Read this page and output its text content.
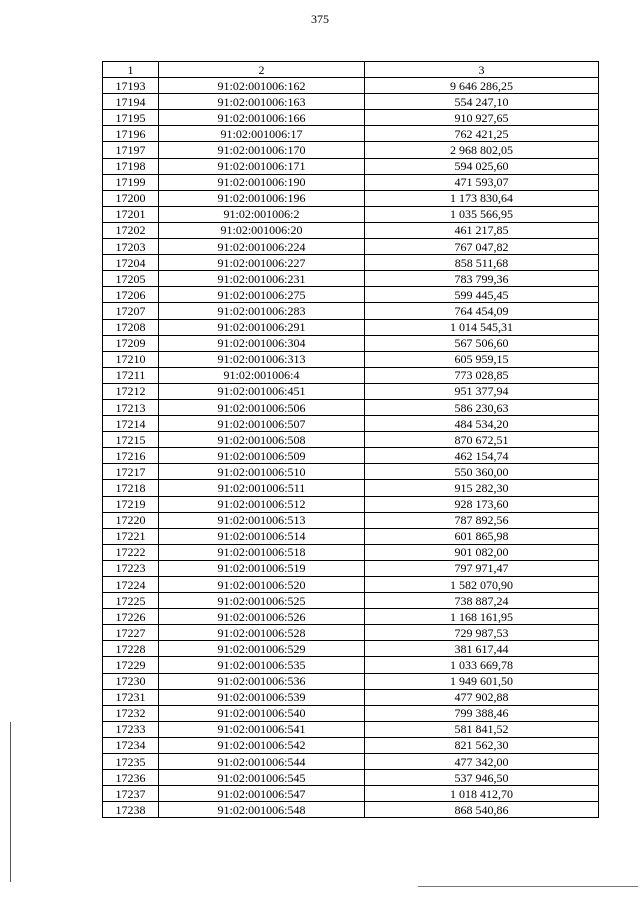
375
1	2	3
17193	91:02:001006:162	9 646 286,25
17194	91:02:001006:163	554 247,10
17195	91:02:001006:166	910 927,65
17196	91:02:001006:17	762 421,25
17197	91:02:001006:170	2 968 802,05
17198	91:02:001006:171	594 025,60
17199	91:02:001006:190	471 593,07
17200	91:02:001006:196	1 173 830,64
17201	91:02:001006:2	1 035 566,95
17202	91:02:001006:20	461 217,85
17203	91:02:001006:224	767 047,82
17204	91:02:001006:227	858 511,68
17205	91:02:001006:231	783 799,36
17206	91:02:001006:275	599 445,45
17207	91:02:001006:283	764 454,09
17208	91:02:001006:291	1 014 545,31
17209	91:02:001006:304	567 506,60
17210	91:02:001006:313	605 959,15
17211	91:02:001006:4	773 028,85
17212	91:02:001006:451	951 377,94
17213	91:02:001006:506	586 230,63
17214	91:02:001006:507	484 534,20
17215	91:02:001006:508	870 672,51
17216	91:02:001006:509	462 154,74
17217	91:02:001006:510	550 360,00
17218	91:02:001006:511	915 282,30
17219	91:02:001006:512	928 173,60
17220	91:02:001006:513	787 892,56
17221	91:02:001006:514	601 865,98
17222	91:02:001006:518	901 082,00
17223	91:02:001006:519	797 971,47
17224	91:02:001006:520	1 582 070,90
17225	91:02:001006:525	738 887,24
17226	91:02:001006:526	1 168 161,95
17227	91:02:001006:528	729 987,53
17228	91:02:001006:529	381 617,44
17229	91:02:001006:535	1 033 669,78
17230	91:02:001006:536	1 949 601,50
17231	91:02:001006:539	477 902,88
17232	91:02:001006:540	799 388,46
17233	91:02:001006:541	581 841,52
17234	91:02:001006:542	821 562,30
17235	91:02:001006:544	477 342,00
17236	91:02:001006:545	537 946,50
17237	91:02:001006:547	1 018 412,70
17238	91:02:001006:548	868 540,86
